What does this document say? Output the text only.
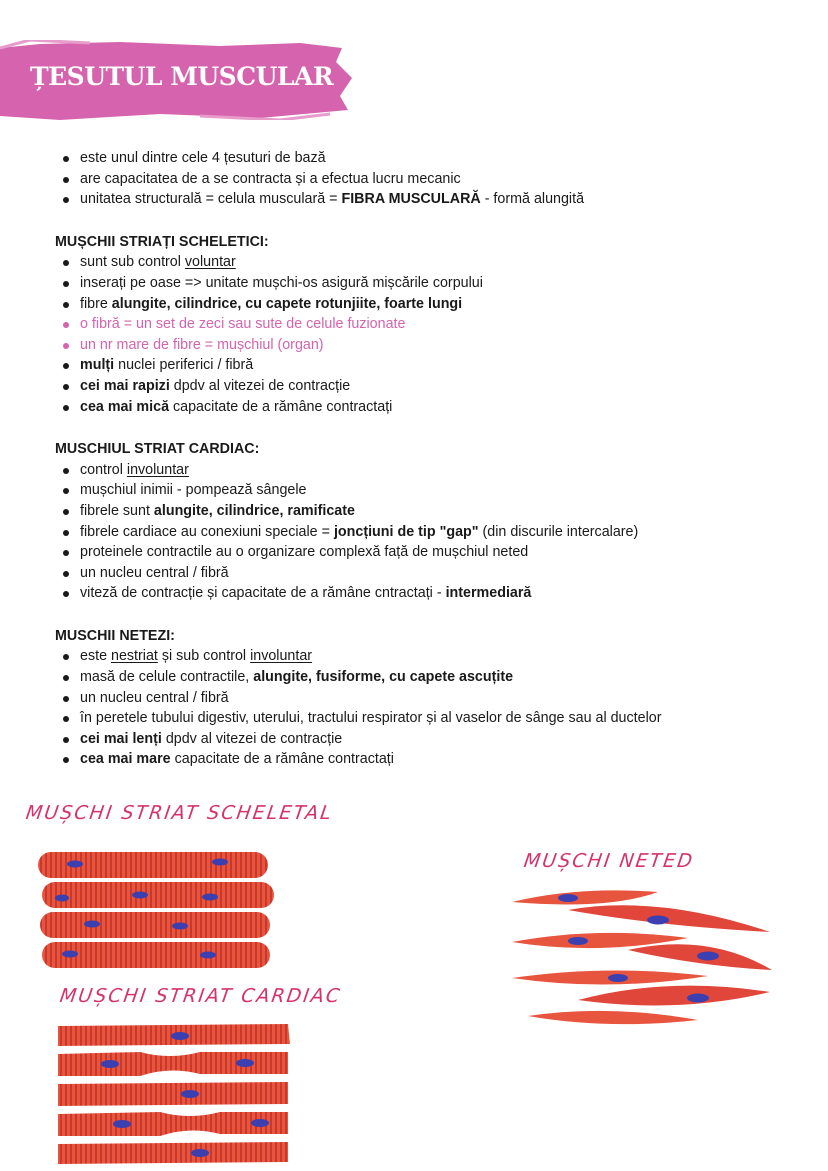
ȚESUTUL MUSCULAR
este unul dintre cele 4 țesuturi de bază
are capacitatea de a se contracta și a efectua lucru mecanic
unitatea structurală = celula musculară = FIBRA MUSCULARĂ - formă alungită
MUȘCHII STRIAȚI SCHELETICI:
sunt sub control voluntar
inserați pe oase => unitate mușchi-os asigură mișcările corpului
fibre alungite, cilindrice, cu capete rotunjiite, foarte lungi
o fibră = un set de zeci sau sute de celule fuzionate
un nr mare de fibre = mușchiul (organ)
mulți nuclei periferici / fibră
cei mai rapizi dpdv al vitezei de contracție
cea mai mică capacitate de a rămâne contractați
MUSCHIUL STRIAT CARDIAC:
control involuntar
mușchiul inimii - pompează sângele
fibrele sunt alungite, cilindrice, ramificate
fibrele cardiace au conexiuni speciale = joncțiuni de tip "gap" (din discurile intercalare)
proteinele contractile au o organizare complexă față de mușchiul neted
un nucleu central / fibră
viteză de contracție și capacitate de a rămâne cntractați - intermediară
MUSCHII NETEZI:
este nestriat și sub control involuntar
masă de celule contractile, alungite, fusiforme, cu capete ascuțite
un nucleu central / fibră
în peretele tubului digestiv, uterului, tractului respirator și al vaselor de sânge sau al ductelor
cei mai lenți dpdv al vitezei de contracție
cea mai mare capacitate de a rămâne contractați
MUȘCHI STRIAT SCHELETAL
MUȘCHI STRIAT CARDIAC
MUȘCHI NETED
